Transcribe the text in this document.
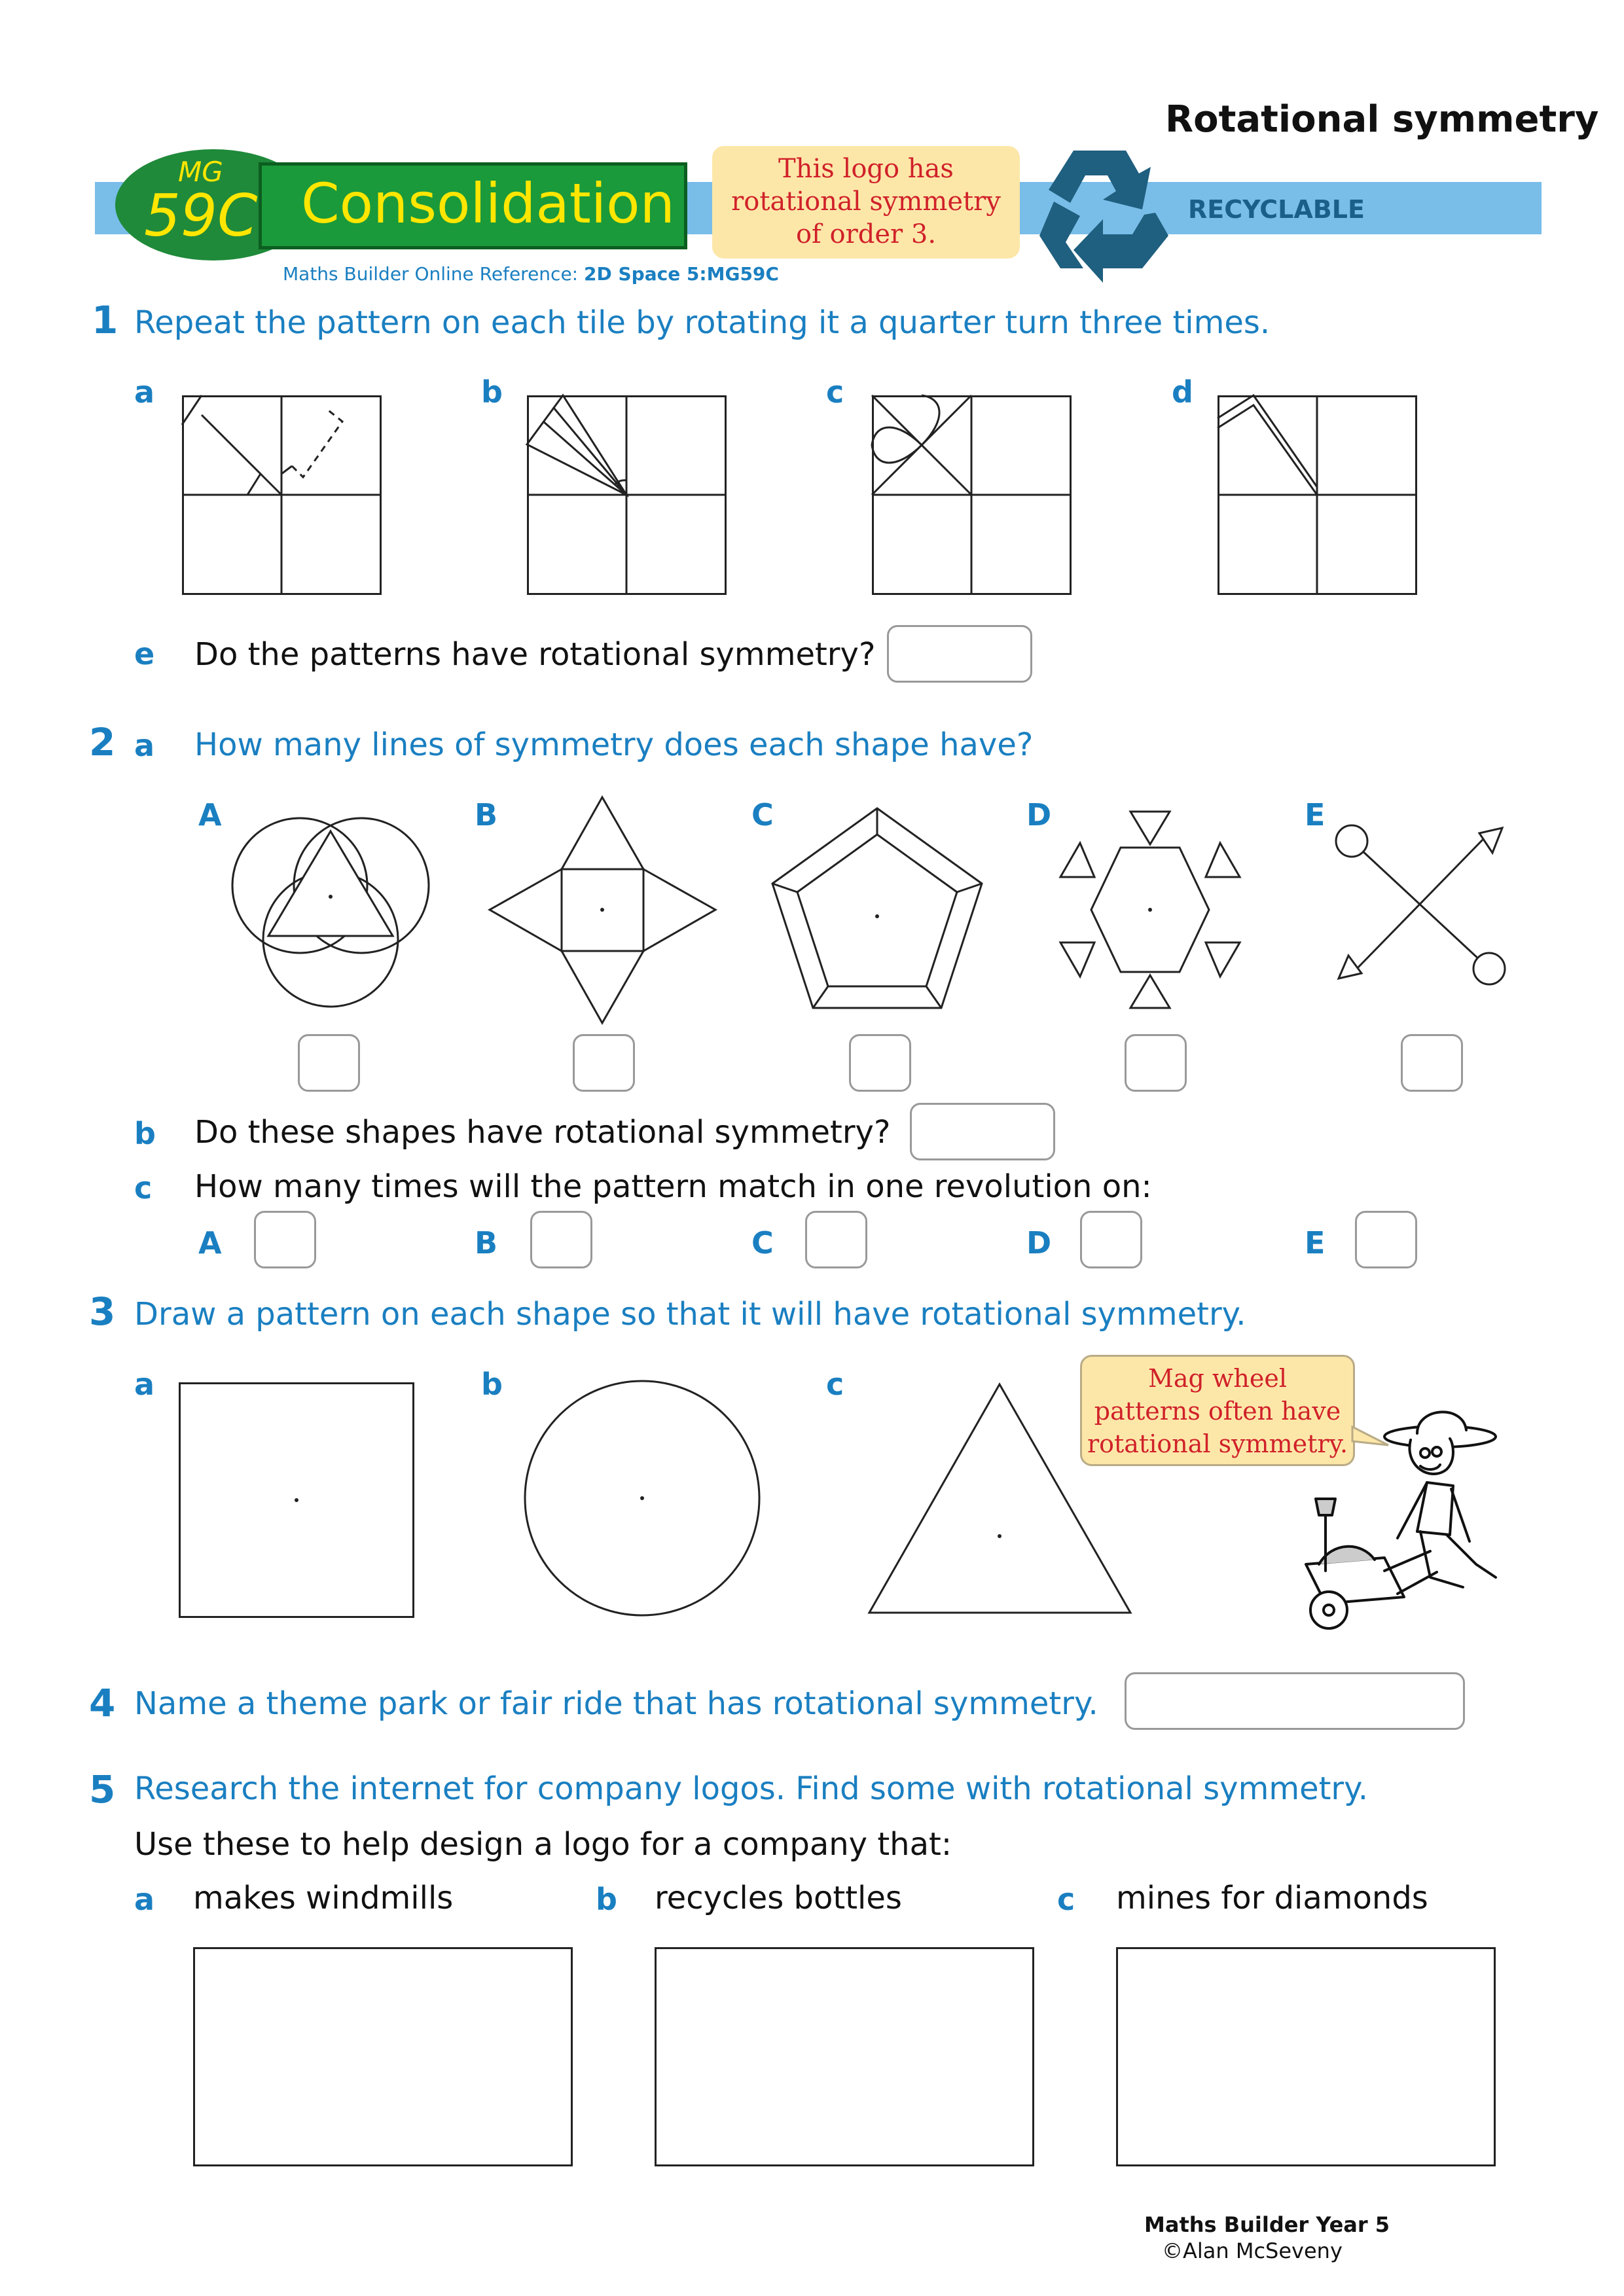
Rotational symmetry
MG
59C Consolidation
This logo has
rotational symmetry
of order 3.
RECYCLABLE
Maths Builder Online Reference: 2D Space 5:MG59C
1 Repeat the pattern on each tile by rotating it a quarter turn three times.
a	b	c	d
e Do the patterns have rotational symmetry?
2 a How many lines of symmetry does each shape have?
A	B	C	D	E
b Do these shapes have rotational symmetry?
c How many times will the pattern match in one revolution on:
A	B	C	D	E
3 Draw a pattern on each shape so that it will have rotational symmetry.
a	b	c	Mag wheel
patterns often have
rotational symmetry.
4 Name a theme park or fair ride that has rotational symmetry.
5 Research the internet for company logos. Find some with rotational symmetry.
Use these to help design a logo for a company that:
a makes windmills	b recycles bottles	c mines for diamonds
Maths Builder Year 5
©Alan McSeveny
